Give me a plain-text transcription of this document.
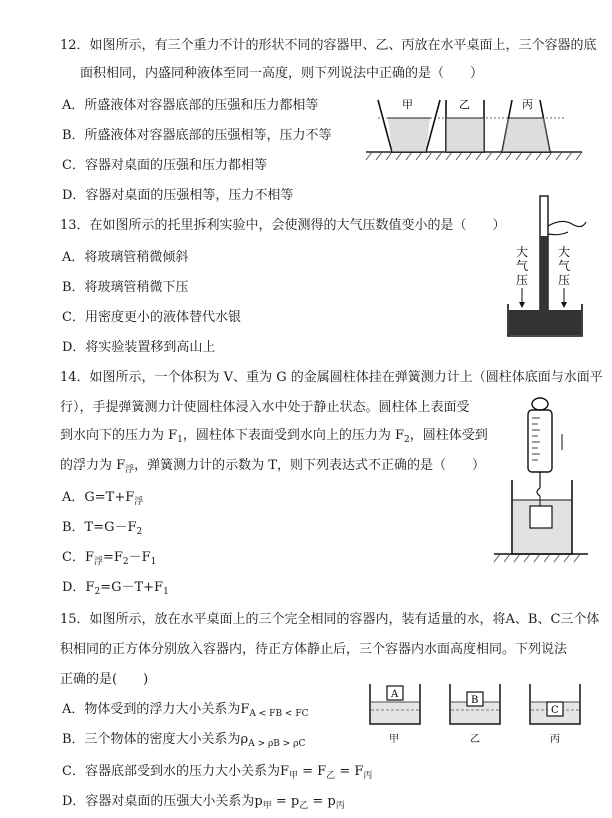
12．如图所示，有三个重力不计的形状不同的容器甲、乙、丙放在水平桌面上，三个容器的底
面积相同，内盛同种液体至同一高度，则下列说法中正确的是（　　）
A．所盛液体对容器底部的压强和压力都相等
B．所盛液体对容器底部的压强相等，压力不等
C．容器对桌面的压强和压力都相等
D．容器对桌面的压强相等，压力不相等
甲	乙	丙
13．在如图所示的托里拆利实验中，会使测得的大气压数值变小的是（　　）
A．将玻璃管稍微倾斜
B．将玻璃管稍微下压
C．用密度更小的液体替代水银
D．将实验装置移到高山上
大
气
压
大
气
压
14．如图所示，一个体积为 V、重为 G 的金属圆柱体挂在弹簧测力计上（圆柱体底面与水面平
行），手提弹簧测力计使圆柱体浸入水中处于静止状态。圆柱体上表面受
到水向下的压力为 $F_1$，圆柱体下表面受到水向上的压力为 $F_2$，圆柱体受到
的浮力为 $F_浮$，弹簧测力计的示数为 T，则下列表达式不正确的是（　　）
A．$G=T+F_浮$
B．$T=G-F_2$
C．$F_浮=F_2-F_1$
D．$F_2=G-T+F_1$
15．如图所示，放在水平桌面上的三个完全相同的容器内，装有适量的水，将A、B、C三个体
积相同的正方体分别放入容器内，待正方体静止后，三个容器内水面高度相同。下列说法
正确的是(　　)
A．物体受到的浮力大小关系为$F_{A < FB < FC}$
B．三个物体的密度大小关系为$\rho_{A > \rho B > \rho C}$
C．容器底部受到水的压力大小关系为$F_甲 = F_乙 = F_丙$
D．容器对桌面的压强大小关系为$p_甲 = p_乙 = p_丙$
A
甲
B
乙
C
丙
